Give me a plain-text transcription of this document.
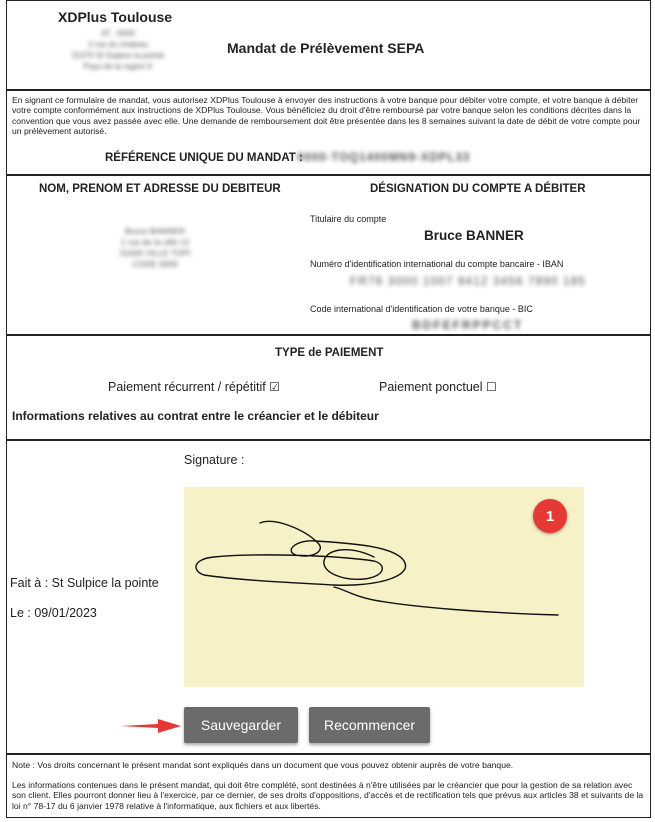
XDPlus Toulouse
AT : 0000
2 rue du chateau
31370 St Sulpice la pointe
Pays de la region fr
Mandat de Prélèvement SEPA
En signant ce formulaire de mandat, vous autorisez XDPlus Toulouse à envoyer des instructions à votre banque pour débiter votre compte, et votre banque à débiter votre compte conformément aux instructions de XDPlus Toulouse. Vous bénéficiez du droit d'être remboursé par votre banque selon les conditions décrites dans la convention que vous avez passée avec elle. Une demande de remboursement doit être présentée dans les 8 semaines suivant la date de débit de votre compte pour un prélèvement autorisé.
RÉFÉRENCE UNIQUE DU MANDAT :
0000-TOQ1400MN9-XDPL33
NOM, PRENOM ET ADRESSE DU DEBITEUR
Bruce BANNER
1 rue de la ville 12
31000 VILLE TOPI
CODE 0000
DÉSIGNATION DU COMPTE A DÉBITER
Titulaire du compte
Bruce BANNER
Numéro d'identification international du compte bancaire - IBAN
FR76 3000 1007 9412 3456 7890 185
Code international d'identification de votre banque - BIC
BDFEFRPPCCT
TYPE de PAIEMENT
Paiement récurrent / répétitif ☑	Paiement ponctuel ☐
Informations relatives au contrat entre le créancier et le débiteur
Signature :
1
Fait à : St Sulpice la pointe
Le : 09/01/2023
Sauvegarder	Recommencer
Note : Vos droits concernant le présent mandat sont expliqués dans un document que vous pouvez obtenir auprès de votre banque.
Les informations contenues dans le présent mandat, qui doit être complété, sont destinées à n'être utilisées par le créancier que pour la gestion de sa relation avec son client. Elles pourront donner lieu à l'exercice, par ce dernier, de ses droits d'oppositions, d'accès et de rectification tels que prévus aux articles 38 et suivants de la loi n° 78-17 du 6 janvier 1978 relative à l'informatique, aux fichiers et aux libertés.
